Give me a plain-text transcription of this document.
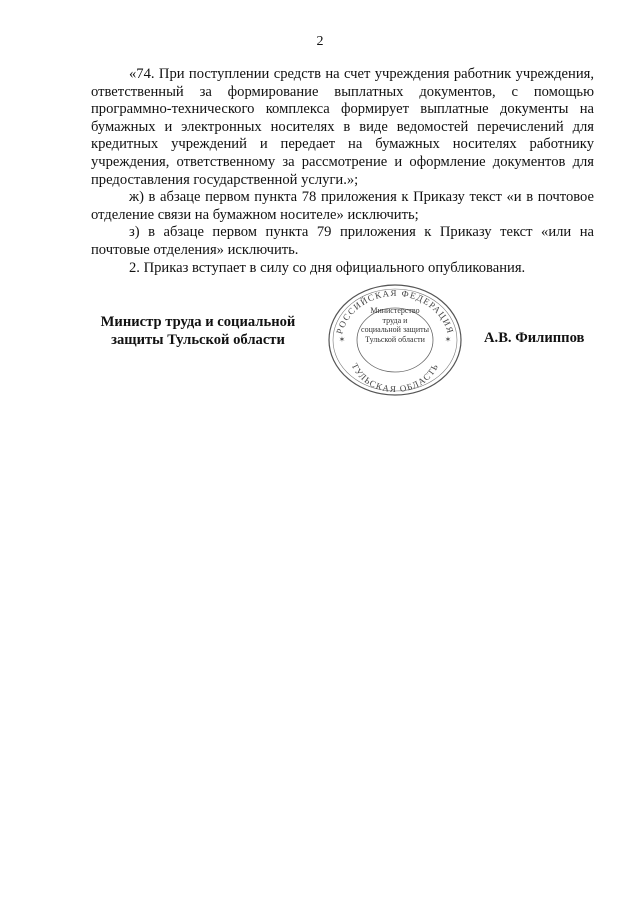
2

«74. При поступлении средств на счет учреждения работник учреждения, ответственный за формирование выплатных документов, с помощью программно-технического комплекса формирует выплатные документы на бумажных и электронных носителях в виде ведомостей перечислений для кредитных учреждений и передает на бумажных носителях работнику учреждения, ответственному за рассмотрение и оформление документов для предоставления государственной услуги.»;

ж) в абзаце первом пункта 78 приложения к Приказу текст «и в почтовое отделение связи на бумажном носителе» исключить;

з) в абзаце первом пункта 79 приложения к Приказу текст «или на почтовые отделения» исключить.

2. Приказ вступает в силу со дня официального опубликования.

Министр труда и социальной
защиты Тульской области
РОССИЙСКАЯ ФЕДЕРАЦИЯ
ТУЛЬСКАЯ ОБЛАСТЬ
✶	✶
Министерство
труда и
социальной защиты
Тульской области	А.В. Филиппов
